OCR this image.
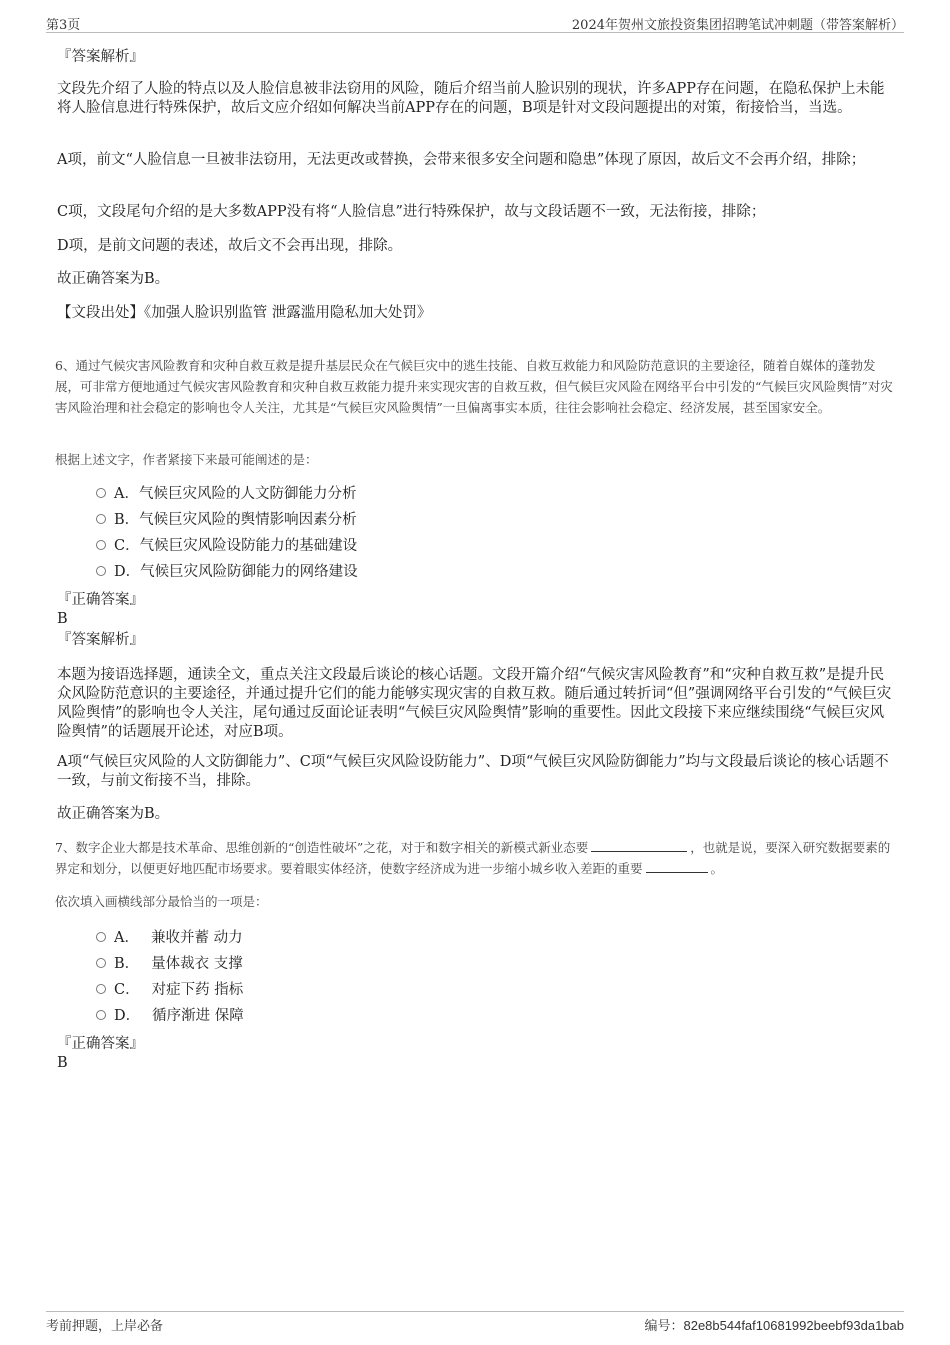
第3页	2024年贺州文旅投资集团招聘笔试冲刺题（带答案解析）
『答案解析』
文段先介绍了人脸的特点以及人脸信息被非法窃用的风险，随后介绍当前人脸识别的现状，许多APP存在问题，在隐私保护上未能将人脸信息进行特殊保护，故后文应介绍如何解决当前APP存在的问题，B项是针对文段问题提出的对策，衔接恰当，当选。
A项，前文“人脸信息一旦被非法窃用，无法更改或替换，会带来很多安全问题和隐患”体现了原因，故后文不会再介绍，排除；
C项，文段尾句介绍的是大多数APP没有将“人脸信息”进行特殊保护，故与文段话题不一致，无法衔接，排除；
D项，是前文问题的表述，故后文不会再出现，排除。
故正确答案为B。
【文段出处】《加强人脸识别监管 泄露滥用隐私加大处罚》
6、通过气候灾害风险教育和灾种自救互救是提升基层民众在气候巨灾中的逃生技能、自救互救能力和风险防范意识的主要途径，随着自媒体的蓬勃发展，可非常方便地通过气候灾害风险教育和灾种自救互救能力提升来实现灾害的自救互救，但气候巨灾风险在网络平台中引发的“气候巨灾风险舆情”对灾害风险治理和社会稳定的影响也令人关注，尤其是“气候巨灾风险舆情”一旦偏离事实本质，往往会影响社会稳定、经济发展，甚至国家安全。
根据上述文字，作者紧接下来最可能阐述的是：
A．气候巨灾风险的人文防御能力分析
B．气候巨灾风险的舆情影响因素分析
C．气候巨灾风险设防能力的基础建设
D．气候巨灾风险防御能力的网络建设
『正确答案』
B
『答案解析』
本题为接语选择题，通读全文，重点关注文段最后谈论的核心话题。文段开篇介绍“气候灾害风险教育”和“灾种自救互救”是提升民众风险防范意识的主要途径，并通过提升它们的能力能够实现灾害的自救互救。随后通过转折词“但”强调网络平台引发的“气候巨灾风险舆情”的影响也令人关注，尾句通过反面论证表明“气候巨灾风险舆情”影响的重要性。因此文段接下来应继续围绕“气候巨灾风险舆情”的话题展开论述，对应B项。
A项“气候巨灾风险的人文防御能力”、C项“气候巨灾风险设防能力”、D项“气候巨灾风险防御能力”均与文段最后谈论的核心话题不一致，与前文衔接不当，排除。
故正确答案为B。
7、数字企业大都是技术革命、思维创新的“创造性破坏”之花，对于和数字相关的新模式新业态要	，也就是说，要深入研究数据要素的界定和划分，以便更好地匹配市场要求。要着眼实体经济，使数字经济成为进一步缩小城乡收入差距的重要	。
依次填入画横线部分最恰当的一项是：
A． 兼收并蓄 动力
B． 量体裁衣 支撑
C． 对症下药 指标
D． 循序渐进 保障
『正确答案』
B
考前押题，上岸必备	编号：82e8b544faf10681992beebf93da1bab
